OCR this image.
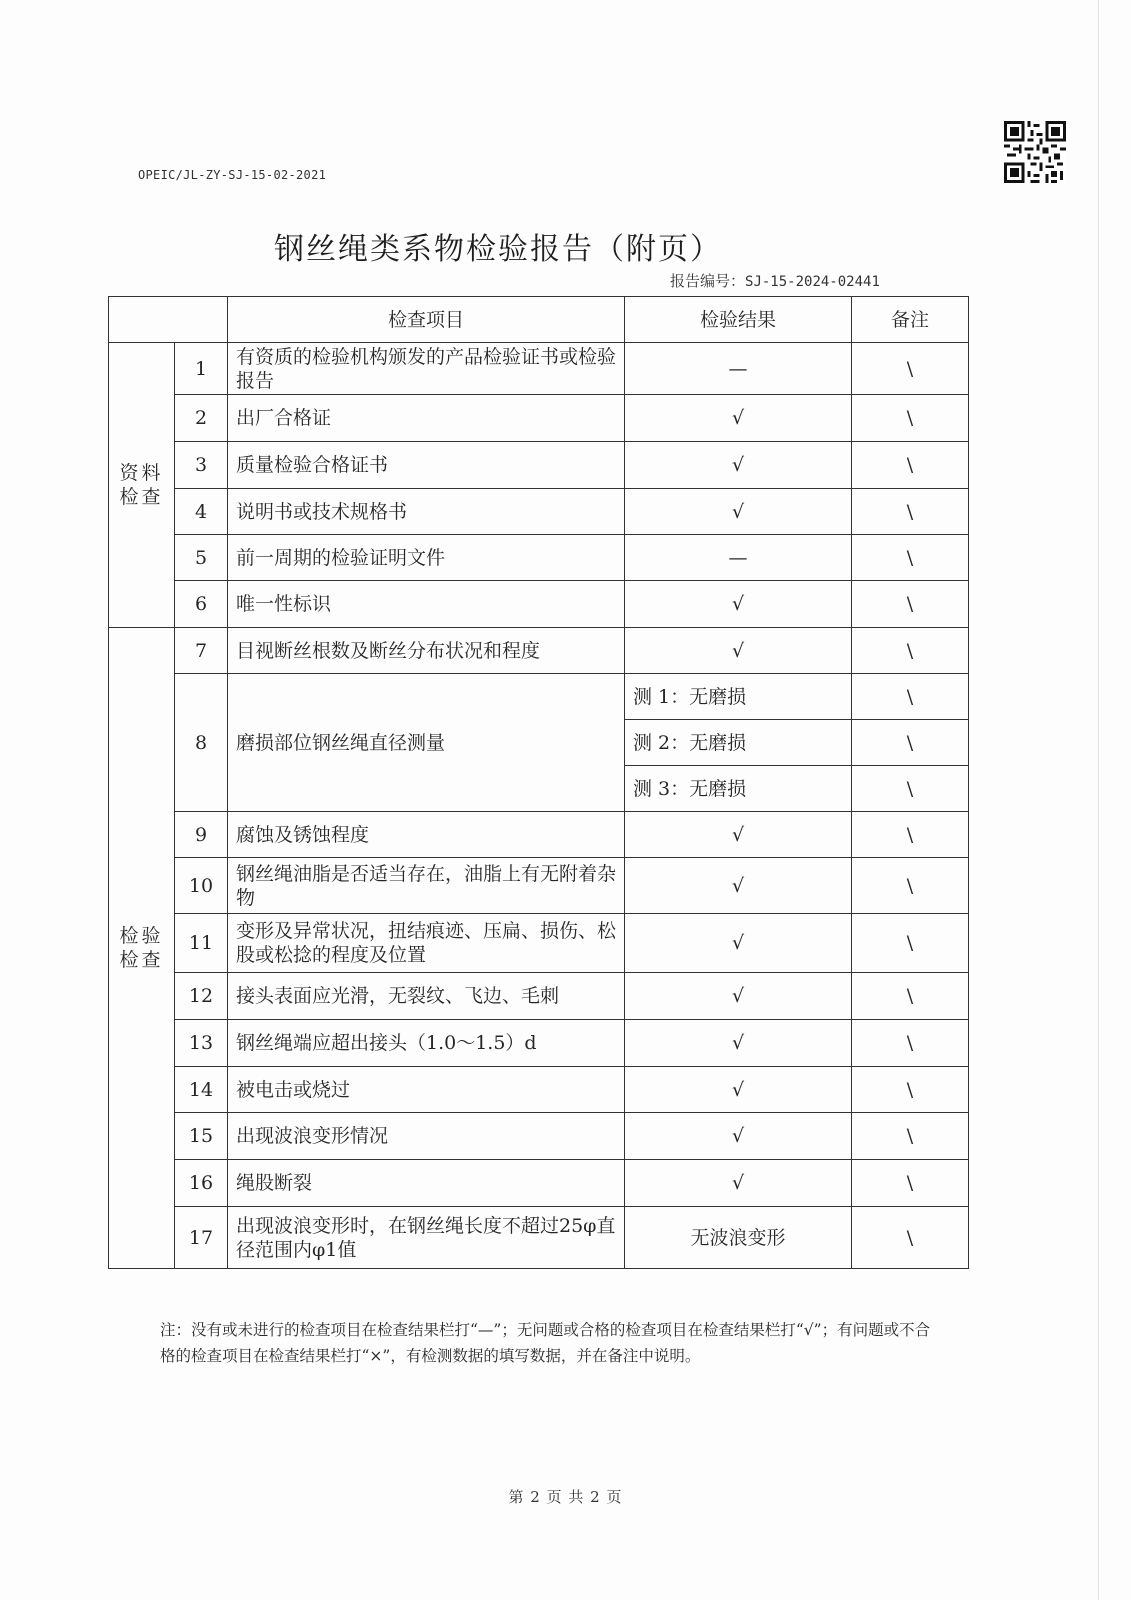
OPEIC/JL-ZY-SJ-15-02-2021
钢丝绳类系物检验报告（附页）
报告编号：SJ-15-2024-02441
		检查项目	检验结果	备注
资料检查	1	有资质的检验机构颁发的产品检验证书或检验报告	—	\
	2	出厂合格证	√	\
	3	质量检验合格证书	√	\
	4	说明书或技术规格书	√	\
	5	前一周期的检验证明文件	—	\
	6	唯一性标识	√	\
检验检查	7	目视断丝根数及断丝分布状况和程度	√	\
	8	磨损部位钢丝绳直径测量	测 1：无磨损	\
			测 2：无磨损	\
			测 3：无磨损	\
	9	腐蚀及锈蚀程度	√	\
	10	钢丝绳油脂是否适当存在，油脂上有无附着杂物	√	\
	11	变形及异常状况，扭结痕迹、压扁、损伤、松股或松捻的程度及位置	√	\
	12	接头表面应光滑，无裂纹、飞边、毛刺	√	\
	13	钢丝绳端应超出接头（1.0～1.5）d	√	\
	14	被电击或烧过	√	\
	15	出现波浪变形情况	√	\
	16	绳股断裂	√	\
	17	出现波浪变形时，在钢丝绳长度不超过25φ直径范围内φ1值	无波浪变形	\
注：没有或未进行的检查项目在检查结果栏打“—”；无问题或合格的检查项目在检查结果栏打“√”；有问题或不合格的检查项目在检查结果栏打“×”，有检测数据的填写数据，并在备注中说明。
第 2 页 共 2 页
